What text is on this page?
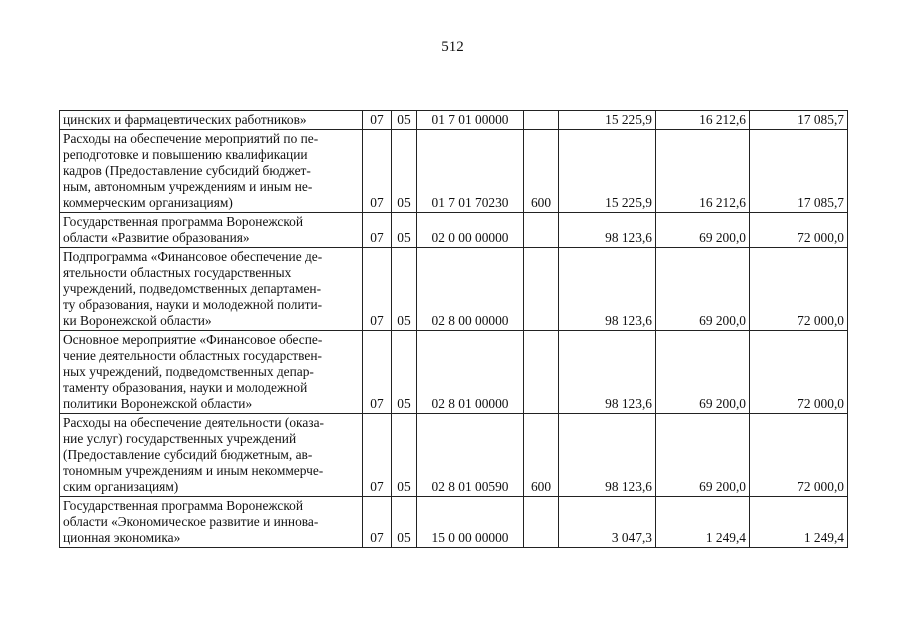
512
цинских и фармацевтических работников»	07	05	01 7 01 00000		15 225,9	16 212,6	17 085,7

Расходы на обеспечение мероприятий по пе-
реподготовке и повышению квалификации
кадров (Предоставление субсидий бюджет-
ным, автономным учреждениям и иным не-
коммерческим организациям)	07	05	01 7 01 70230	600	15 225,9	16 212,6	17 085,7

Государственная программа Воронежской
области «Развитие образования»	07	05	02 0 00 00000		98 123,6	69 200,0	72 000,0

Подпрограмма «Финансовое обеспечение де-
ятельности областных государственных
учреждений, подведомственных департамен-
ту образования, науки и молодежной полити-
ки Воронежской области»	07	05	02 8 00 00000		98 123,6	69 200,0	72 000,0

Основное мероприятие «Финансовое обеспе-
чение деятельности областных государствен-
ных учреждений, подведомственных депар-
таменту образования, науки и молодежной
политики Воронежской области»	07	05	02 8 01 00000		98 123,6	69 200,0	72 000,0

Расходы на обеспечение деятельности (оказа-
ние услуг) государственных учреждений
(Предоставление субсидий бюджетным, ав-
тономным учреждениям и иным некоммерче-
ским организациям)	07	05	02 8 01 00590	600	98 123,6	69 200,0	72 000,0

Государственная программа Воронежской
области «Экономическое развитие и иннова-
ционная экономика»	07	05	15 0 00 00000		3 047,3	1 249,4	1 249,4
